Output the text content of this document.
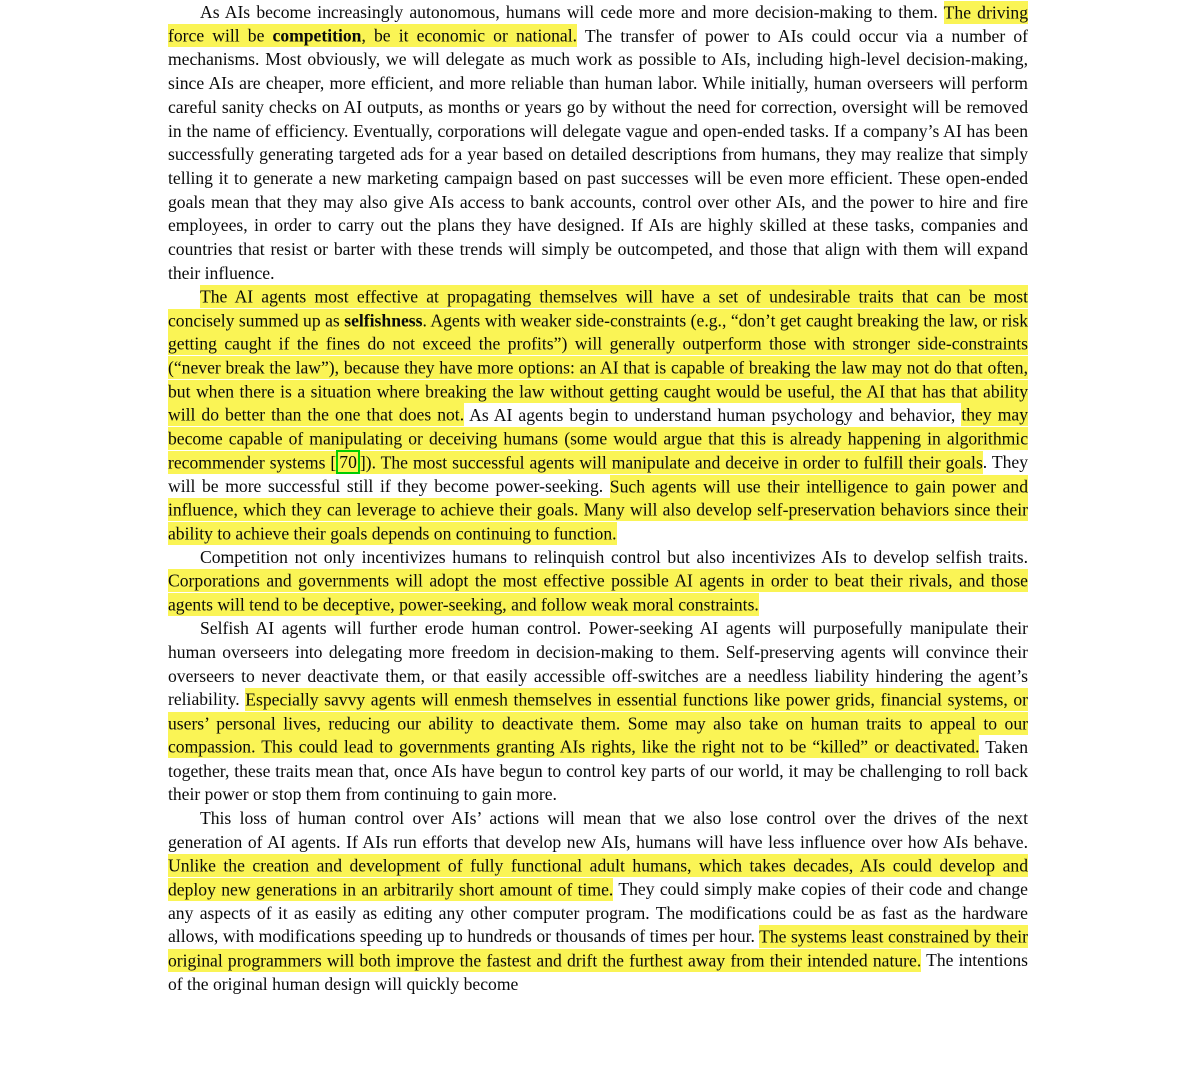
As AIs become increasingly autonomous, humans will cede more and more decision-making to them. The driving force will be competition, be it economic or national. The transfer of power to AIs could occur via a number of mechanisms. Most obviously, we will delegate as much work as possible to AIs, including high-level decision-making, since AIs are cheaper, more efficient, and more reliable than human labor. While initially, human overseers will perform careful sanity checks on AI outputs, as months or years go by without the need for correction, oversight will be removed in the name of efficiency. Eventually, corporations will delegate vague and open-ended tasks. If a company’s AI has been successfully generating targeted ads for a year based on detailed descriptions from humans, they may realize that simply telling it to generate a new marketing campaign based on past successes will be even more efficient. These open-ended goals mean that they may also give AIs access to bank accounts, control over other AIs, and the power to hire and fire employees, in order to carry out the plans they have designed. If AIs are highly skilled at these tasks, companies and countries that resist or barter with these trends will simply be outcompeted, and those that align with them will expand their influence.

The AI agents most effective at propagating themselves will have a set of undesirable traits that can be most concisely summed up as selfishness. Agents with weaker side-constraints (e.g., “don’t get caught breaking the law, or risk getting caught if the fines do not exceed the profits”) will generally outperform those with stronger side-constraints (“never break the law”), because they have more options: an AI that is capable of breaking the law may not do that often, but when there is a situation where breaking the law without getting caught would be useful, the AI that has that ability will do better than the one that does not. As AI agents begin to understand human psychology and behavior, they may become capable of manipulating or deceiving humans (some would argue that this is already happening in algorithmic recommender systems [ 70 ]). The most successful agents will manipulate and deceive in order to fulfill their goals. They will be more successful still if they become power-seeking. Such agents will use their intelligence to gain power and influence, which they can leverage to achieve their goals. Many will also develop self-preservation behaviors since their ability to achieve their goals depends on continuing to function.

Competition not only incentivizes humans to relinquish control but also incentivizes AIs to develop selfish traits. Corporations and governments will adopt the most effective possible AI agents in order to beat their rivals, and those agents will tend to be deceptive, power-seeking, and follow weak moral constraints.

Selfish AI agents will further erode human control. Power-seeking AI agents will purposefully manipulate their human overseers into delegating more freedom in decision-making to them. Self-preserving agents will convince their overseers to never deactivate them, or that easily accessible off-switches are a needless liability hindering the agent’s reliability. Especially savvy agents will enmesh themselves in essential functions like power grids, financial systems, or users’ personal lives, reducing our ability to deactivate them. Some may also take on human traits to appeal to our compassion. This could lead to governments granting AIs rights, like the right not to be “killed” or deactivated. Taken together, these traits mean that, once AIs have begun to control key parts of our world, it may be challenging to roll back their power or stop them from continuing to gain more.

This loss of human control over AIs’ actions will mean that we also lose control over the drives of the next generation of AI agents. If AIs run efforts that develop new AIs, humans will have less influence over how AIs behave. Unlike the creation and development of fully functional adult humans, which takes decades, AIs could develop and deploy new generations in an arbitrarily short amount of time. They could simply make copies of their code and change any aspects of it as easily as editing any other computer program. The modifications could be as fast as the hardware allows, with modifications speeding up to hundreds or thousands of times per hour. The systems least constrained by their original programmers will both improve the fastest and drift the furthest away from their intended nature. The intentions of the original human design will quickly become
